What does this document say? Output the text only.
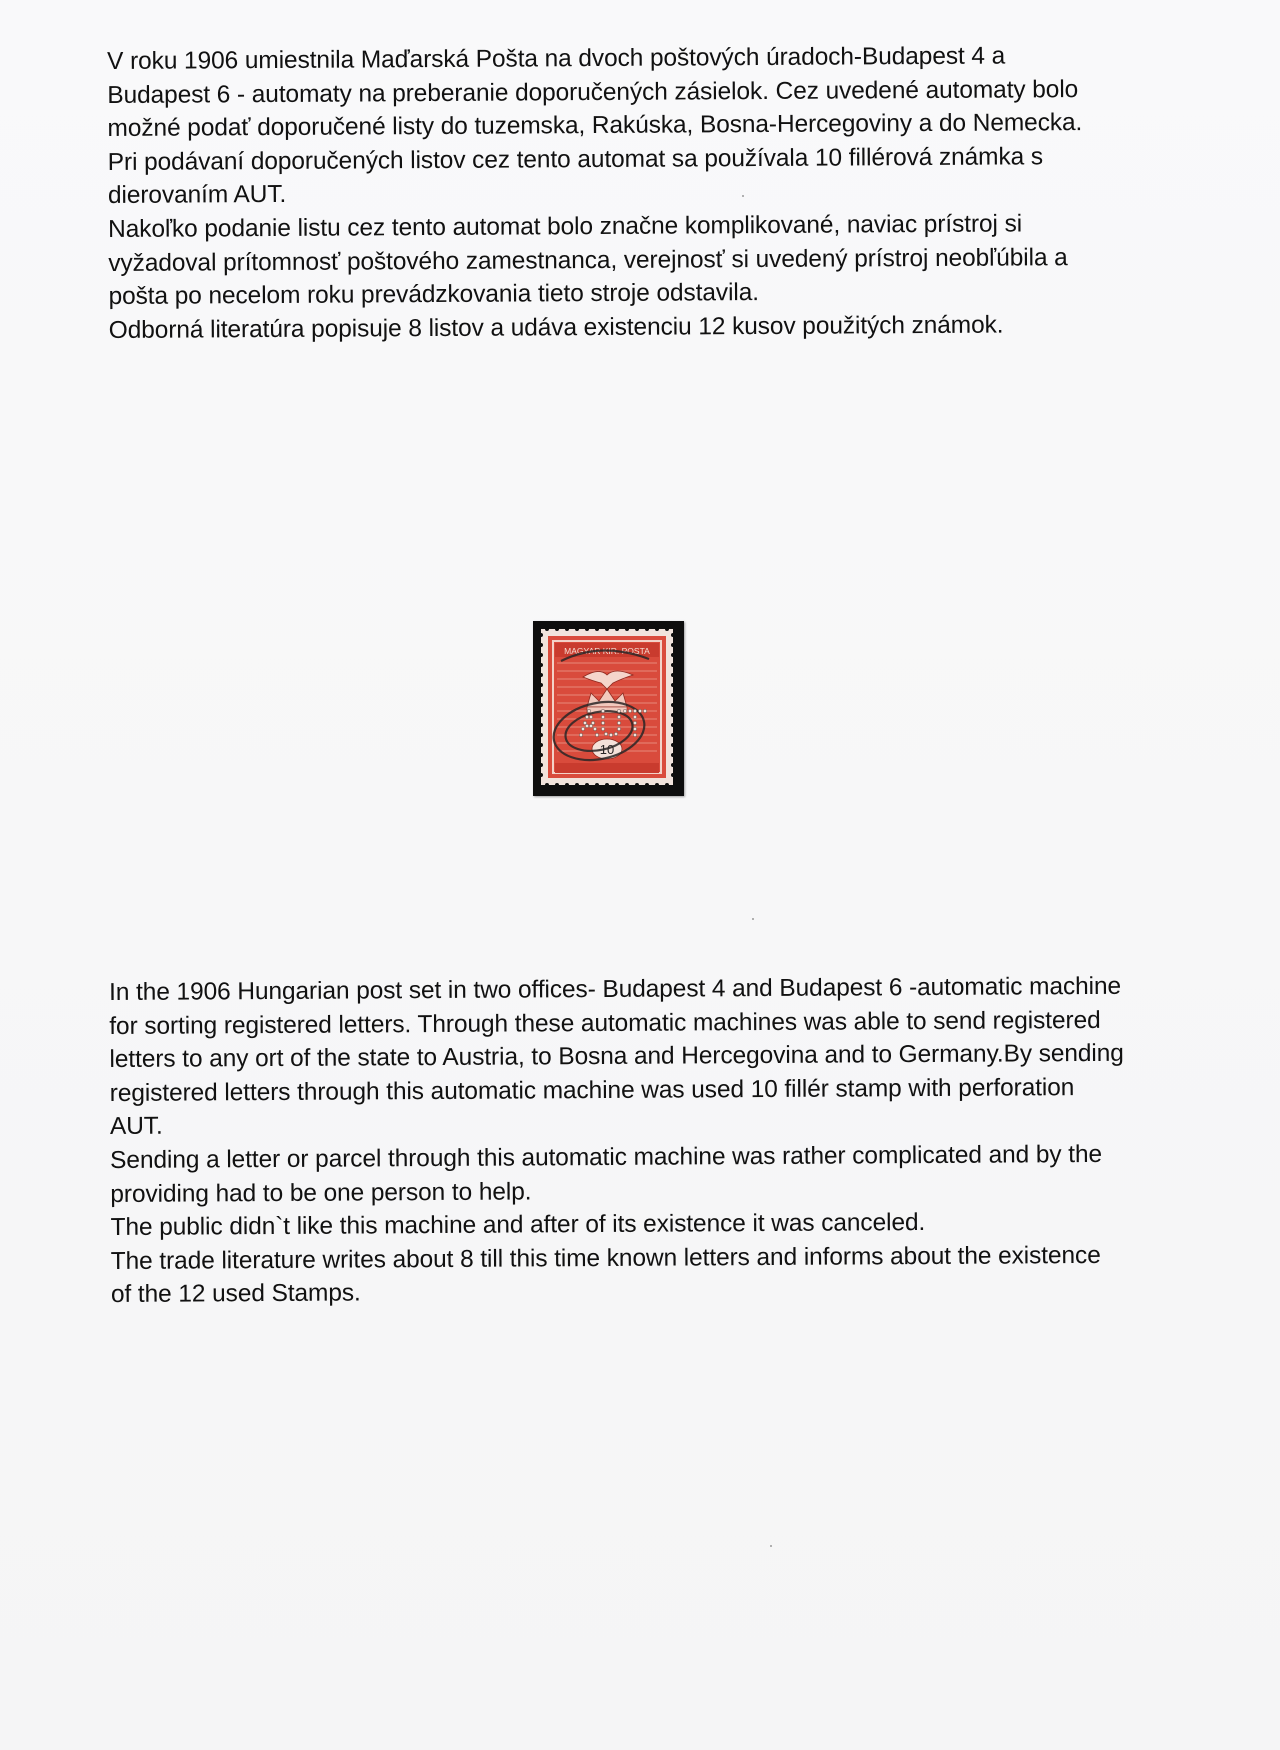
V roku 1906 umiestnila Maďarská Pošta na dvoch poštových úradoch-Budapest 4 a
Budapest 6 - automaty na preberanie doporučených zásielok. Cez uvedené automaty bolo
možné podať doporučené listy do tuzemska, Rakúska, Bosna-Hercegoviny a do Nemecka.
Pri podávaní doporučených listov cez tento automat sa používala 10 fillérová známka s
dierovaním AUT.
Nakoľko podanie listu cez tento automat bolo značne komplikované, naviac prístroj si
vyžadoval prítomnosť poštového zamestnanca, verejnosť si uvedený prístroj neobľúbila a
pošta po necelom roku prevádzkovania tieto stroje odstavila.
Odborná literatúra popisuje 8 listov a udáva existenciu 12 kusov použitých známok.
MAGYAR KIR. POSTA
10
In the 1906 Hungarian post set in two offices- Budapest 4 and Budapest 6 -automatic machine
for sorting registered letters. Through these automatic machines was able to send registered
letters to any ort of the state to Austria, to Bosna and Hercegovina and to Germany.By sending
registered letters through this automatic machine was used 10 fillér stamp with perforation
AUT.
Sending a letter or parcel through this automatic machine was rather complicated and by the
providing had to be one person to help.
The public didn`t like this machine and after of its existence it was canceled.
The trade literature writes about 8 till this time known letters and informs about the existence
of the 12 used Stamps.
